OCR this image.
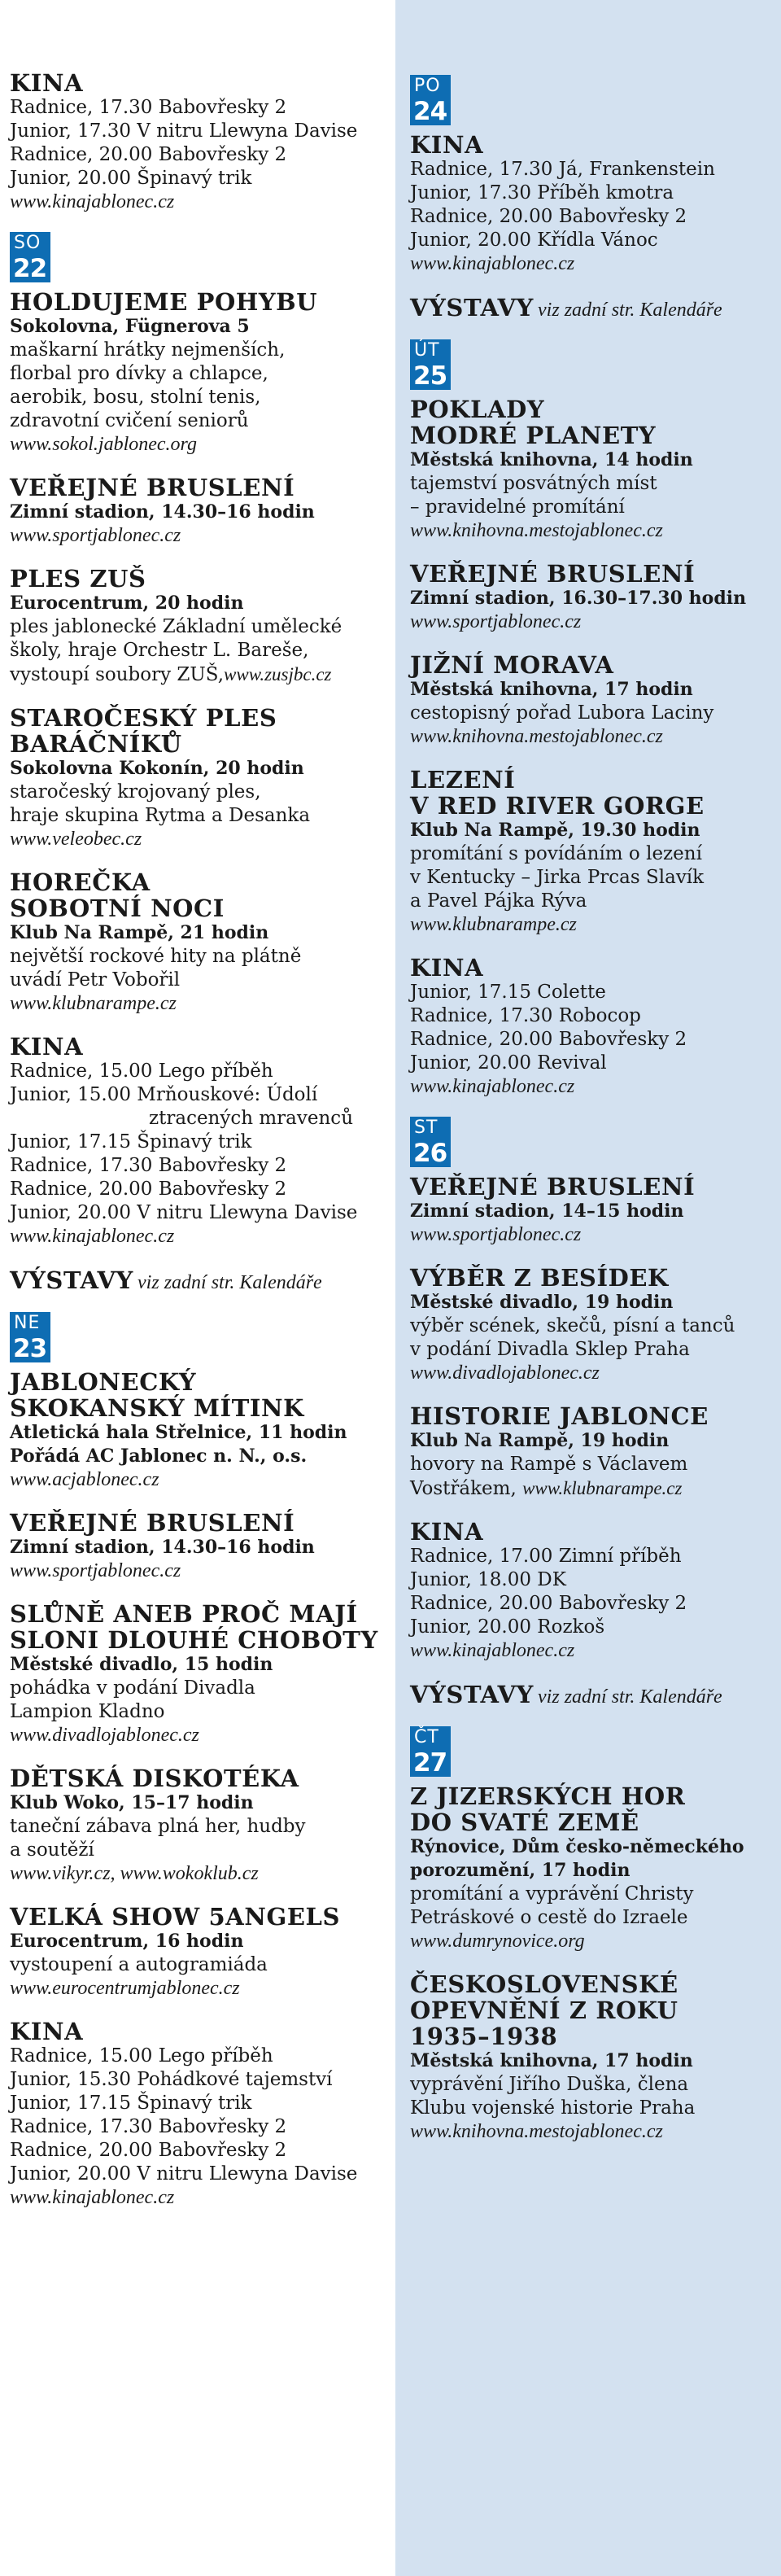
KINA
Radnice, 17.30 Babovřesky 2
Junior, 17.30 V nitru Llewyna Davise
Radnice, 20.00 Babovřesky 2
Junior, 20.00 Špinavý trik
www.kinajablonec.cz
SO
22
HOLDUJEME POHYBU
Sokolovna, Fügnerova 5
maškarní hrátky nejmenších,
florbal pro dívky a chlapce,
aerobik, bosu, stolní tenis,
zdravotní cvičení seniorů
www.sokol.jablonec.org
VEŘEJNÉ BRUSLENÍ
Zimní stadion, 14.30–16 hodin
www.sportjablonec.cz
PLES ZUŠ
Eurocentrum, 20 hodin
ples jablonecké Základní umělecké
školy, hraje Orchestr L. Bareše,
vystoupí soubory ZUŠ,www.zusjbc.cz
STAROČESKÝ PLES
BARÁČNÍKŮ
Sokolovna Kokonín, 20 hodin
staročeský krojovaný ples,
hraje skupina Rytma a Desanka
www.veleobec.cz
HOREČKA
SOBOTNÍ NOCI
Klub Na Rampě, 21 hodin
největší rockové hity na plátně
uvádí Petr Vobořil
www.klubnarampe.cz
KINA
Radnice, 15.00 Lego příběh
Junior, 15.00 Mrňouskové: Údolí
ztracených mravenců
Junior, 17.15 Špinavý trik
Radnice, 17.30 Babovřesky 2
Radnice, 20.00 Babovřesky 2
Junior, 20.00 V nitru Llewyna Davise
www.kinajablonec.cz
VÝSTAVY viz zadní str. Kalendáře
NE
23
JABLONECKÝ
SKOKANSKÝ MÍTINK
Atletická hala Střelnice, 11 hodin
Pořádá AC Jablonec n. N., o.s.
www.acjablonec.cz
VEŘEJNÉ BRUSLENÍ
Zimní stadion, 14.30–16 hodin
www.sportjablonec.cz
SLŮNĚ ANEB PROČ MAJÍ
SLONI DLOUHÉ CHOBOTY
Městské divadlo, 15 hodin
pohádka v podání Divadla
Lampion Kladno
www.divadlojablonec.cz
DĚTSKÁ DISKOTÉKA
Klub Woko, 15–17 hodin
taneční zábava plná her, hudby
a soutěží
www.vikyr.cz, www.wokoklub.cz
VELKÁ SHOW 5ANGELS
Eurocentrum, 16 hodin
vystoupení a autogramiáda
www.eurocentrumjablonec.cz
KINA
Radnice, 15.00 Lego příběh
Junior, 15.30 Pohádkové tajemství
Junior, 17.15 Špinavý trik
Radnice, 17.30 Babovřesky 2
Radnice, 20.00 Babovřesky 2
Junior, 20.00 V nitru Llewyna Davise
www.kinajablonec.cz
PO
24
KINA
Radnice, 17.30 Já, Frankenstein
Junior, 17.30 Příběh kmotra
Radnice, 20.00 Babovřesky 2
Junior, 20.00 Křídla Vánoc
www.kinajablonec.cz
VÝSTAVY viz zadní str. Kalendáře
ÚT
25
POKLADY
MODRÉ PLANETY
Městská knihovna, 14 hodin
tajemství posvátných míst
– pravidelné promítání
www.knihovna.mestojablonec.cz
VEŘEJNÉ BRUSLENÍ
Zimní stadion, 16.30–17.30 hodin
www.sportjablonec.cz
JIŽNÍ MORAVA
Městská knihovna, 17 hodin
cestopisný pořad Lubora Laciny
www.knihovna.mestojablonec.cz
LEZENÍ
V RED RIVER GORGE
Klub Na Rampě, 19.30 hodin
promítání s povídáním o lezení
v Kentucky – Jirka Prcas Slavík
a Pavel Pájka Rýva
www.klubnarampe.cz
KINA
Junior, 17.15 Colette
Radnice, 17.30 Robocop
Radnice, 20.00 Babovřesky 2
Junior, 20.00 Revival
www.kinajablonec.cz
ST
26
VEŘEJNÉ BRUSLENÍ
Zimní stadion, 14–15 hodin
www.sportjablonec.cz
VÝBĚR Z BESÍDEK
Městské divadlo, 19 hodin
výběr scének, skečů, písní a tanců
v podání Divadla Sklep Praha
www.divadlojablonec.cz
HISTORIE JABLONCE
Klub Na Rampě, 19 hodin
hovory na Rampě s Václavem
Vostřákem, www.klubnarampe.cz
KINA
Radnice, 17.00 Zimní příběh
Junior, 18.00 DK
Radnice, 20.00 Babovřesky 2
Junior, 20.00 Rozkoš
www.kinajablonec.cz
VÝSTAVY viz zadní str. Kalendáře
ČT
27
Z JIZERSKÝCH HOR
DO SVATÉ ZEMĚ
Rýnovice, Dům česko-německého
porozumění, 17 hodin
promítání a vyprávění Christy
Petráskové o cestě do Izraele
www.dumrynovice.org
ČESKOSLOVENSKÉ
OPEVNĚNÍ Z ROKU
1935–1938
Městská knihovna, 17 hodin
vyprávění Jiřího Duška, člena
Klubu vojenské historie Praha
www.knihovna.mestojablonec.cz
